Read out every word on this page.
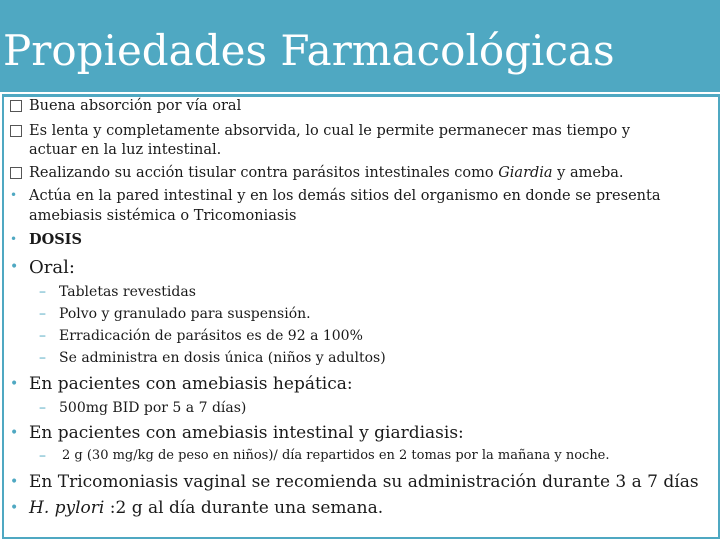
Propiedades Farmacológicas
Buena absorción por vía oral
Es lenta y completamente absorvida, lo cual le permite permanecer mas tiempo y
actuar en la luz intestinal.
Realizando su acción tisular contra parásitos intestinales como Giardia y ameba.
• Actúa en la pared intestinal y en los demás sitios del organismo en donde se presenta
amebiasis sistémica o Tricomoniasis
• DOSIS
• Oral:
– Tabletas revestidas
– Polvo y granulado para suspensión.
– Erradicación de parásitos es de 92 a 100%
– Se administra en dosis única (niños y adultos)
• En pacientes con amebiasis hepática:
– 500mg BID por 5 a 7 días)
• En pacientes con amebiasis intestinal y giardiasis:
– 2 g (30 mg/kg de peso en niños)/ día repartidos en 2 tomas por la mañana y noche.
• En Tricomoniasis vaginal se recomienda su administración durante 3 a 7 días
• H. pylori :2 g al día durante una semana.
